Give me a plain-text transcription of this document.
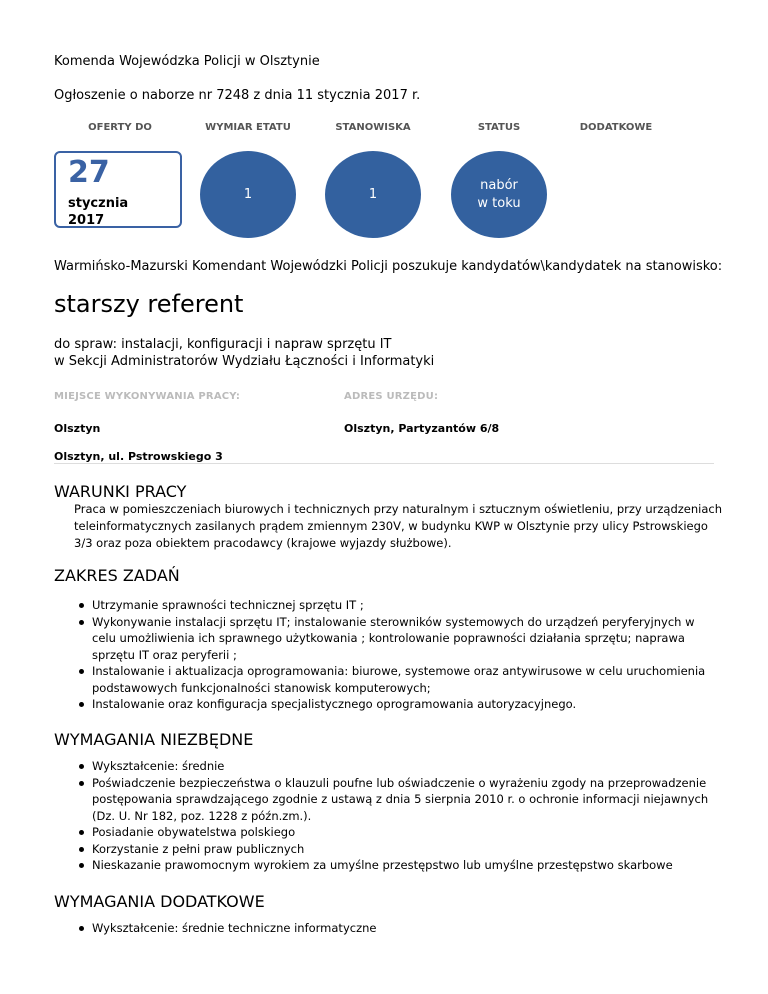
Komenda Wojewódzka Policji w Olsztynie
Ogłoszenie o naborze nr 7248 z dnia 11 stycznia 2017 r.
OFERTY DO	WYMIAR ETATU	STANOWISKA	STATUS	DODATKOWE
27
stycznia
2017
1	1
nabór
w toku
Warmińsko-Mazurski Komendant Wojewódzki Policji poszukuje kandydatów\kandydatek na stanowisko:
starszy referent
do spraw: instalacji, konfiguracji i napraw sprzętu IT
w Sekcji Administratorów Wydziału Łączności i Informatyki
MIEJSCE WYKONYWANIA PRACY:	ADRES URZĘDU:
Olsztyn	Olsztyn, Partyzantów 6/8
Olsztyn, ul. Pstrowskiego 3
WARUNKI PRACY
Praca w pomieszczeniach biurowych i technicznych przy naturalnym i sztucznym oświetleniu, przy urządzeniach teleinformatycznych zasilanych prądem zmiennym 230V, w budynku KWP w Olsztynie przy ulicy Pstrowskiego 3/3 oraz poza obiektem pracodawcy (krajowe wyjazdy służbowe).
ZAKRES ZADAŃ
Utrzymanie sprawności technicznej sprzętu IT ;
Wykonywanie instalacji sprzętu IT; instalowanie sterowników systemowych do urządzeń peryferyjnych w celu umożliwienia ich sprawnego użytkowania ; kontrolowanie poprawności działania sprzętu; naprawa sprzętu IT oraz peryferii ;
Instalowanie i aktualizacja oprogramowania: biurowe, systemowe oraz antywirusowe w celu uruchomienia podstawowych funkcjonalności stanowisk komputerowych;
Instalowanie oraz konfiguracja specjalistycznego oprogramowania autoryzacyjnego.
WYMAGANIA NIEZBĘDNE
Wykształcenie: średnie
Poświadczenie bezpieczeństwa o klauzuli poufne lub oświadczenie o wyrażeniu zgody na przeprowadzenie postępowania sprawdzającego zgodnie z ustawą z dnia 5 sierpnia 2010 r. o ochronie informacji niejawnych (Dz. U. Nr 182, poz. 1228 z późn.zm.).
Posiadanie obywatelstwa polskiego
Korzystanie z pełni praw publicznych
Nieskazanie prawomocnym wyrokiem za umyślne przestępstwo lub umyślne przestępstwo skarbowe
WYMAGANIA DODATKOWE
Wykształcenie: średnie techniczne informatyczne
